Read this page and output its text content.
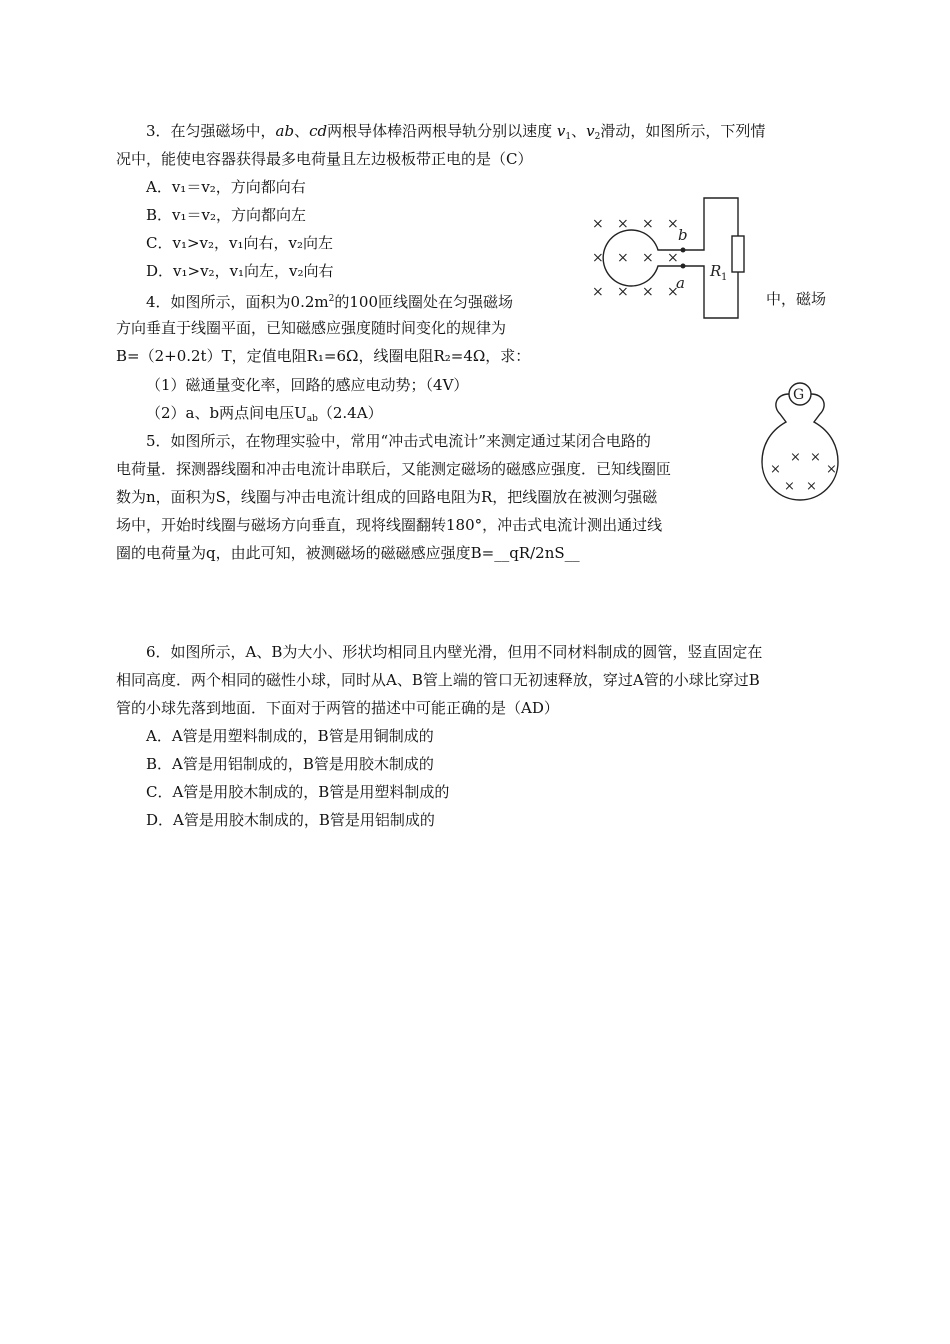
3．在匀强磁场中，ab、cd两根导体棒沿两根导轨分别以速度 $v_1$、$v_2$滑动，如图所示，下列情
况中，能使电容器获得最多电荷量且左边极板带正电的是（C）
A．v₁＝v₂，方向都向右
B．v₁＝v₂，方向都向左
C．v₁>v₂，v₁向右，v₂向左
D．v₁>v₂，v₁向左，v₂向右
× × × ×
× × × ×
× × × ×
b
a
R 1
4．如图所示，面积为$0.2m^2$的100匝线圈处在匀强磁场	中，磁场
方向垂直于线圈平面，已知磁感应强度随时间变化的规律为
B=（2+0.2t）T，定值电阻R₁=6Ω，线圈电阻R₂=4Ω，求：
（1）磁通量变化率，回路的感应电动势；（4V）
（2）a、b两点间电压$U_{ab}(2.4A)$
G
×
× ×
×
× ×
5．如图所示，在物理实验中，常用“冲击式电流计”来测定通过某闭合电路的
电荷量．探测器线圈和冲击电流计串联后，又能测定磁场的磁感应强度．已知线圈匝
数为n，面积为S，线圈与冲击电流计组成的回路电阻为R，把线圈放在被测匀强磁
场中，开始时线圈与磁场方向垂直，现将线圈翻转180°，冲击式电流计测出通过线
圈的电荷量为q，由此可知，被测磁场的磁磁感应强度B=__qR/2nS__
6．如图所示，A、B为大小、形状均相同且内壁光滑，但用不同材料制成的圆管，竖直固定在
相同高度．两个相同的磁性小球，同时从A、B管上端的管口无初速释放，穿过A管的小球比穿过B
管的小球先落到地面．下面对于两管的描述中可能正确的是（AD）
A．A管是用塑料制成的，B管是用铜制成的
B．A管是用铝制成的，B管是用胶木制成的
C．A管是用胶木制成的，B管是用塑料制成的
D．A管是用胶木制成的，B管是用铝制成的
